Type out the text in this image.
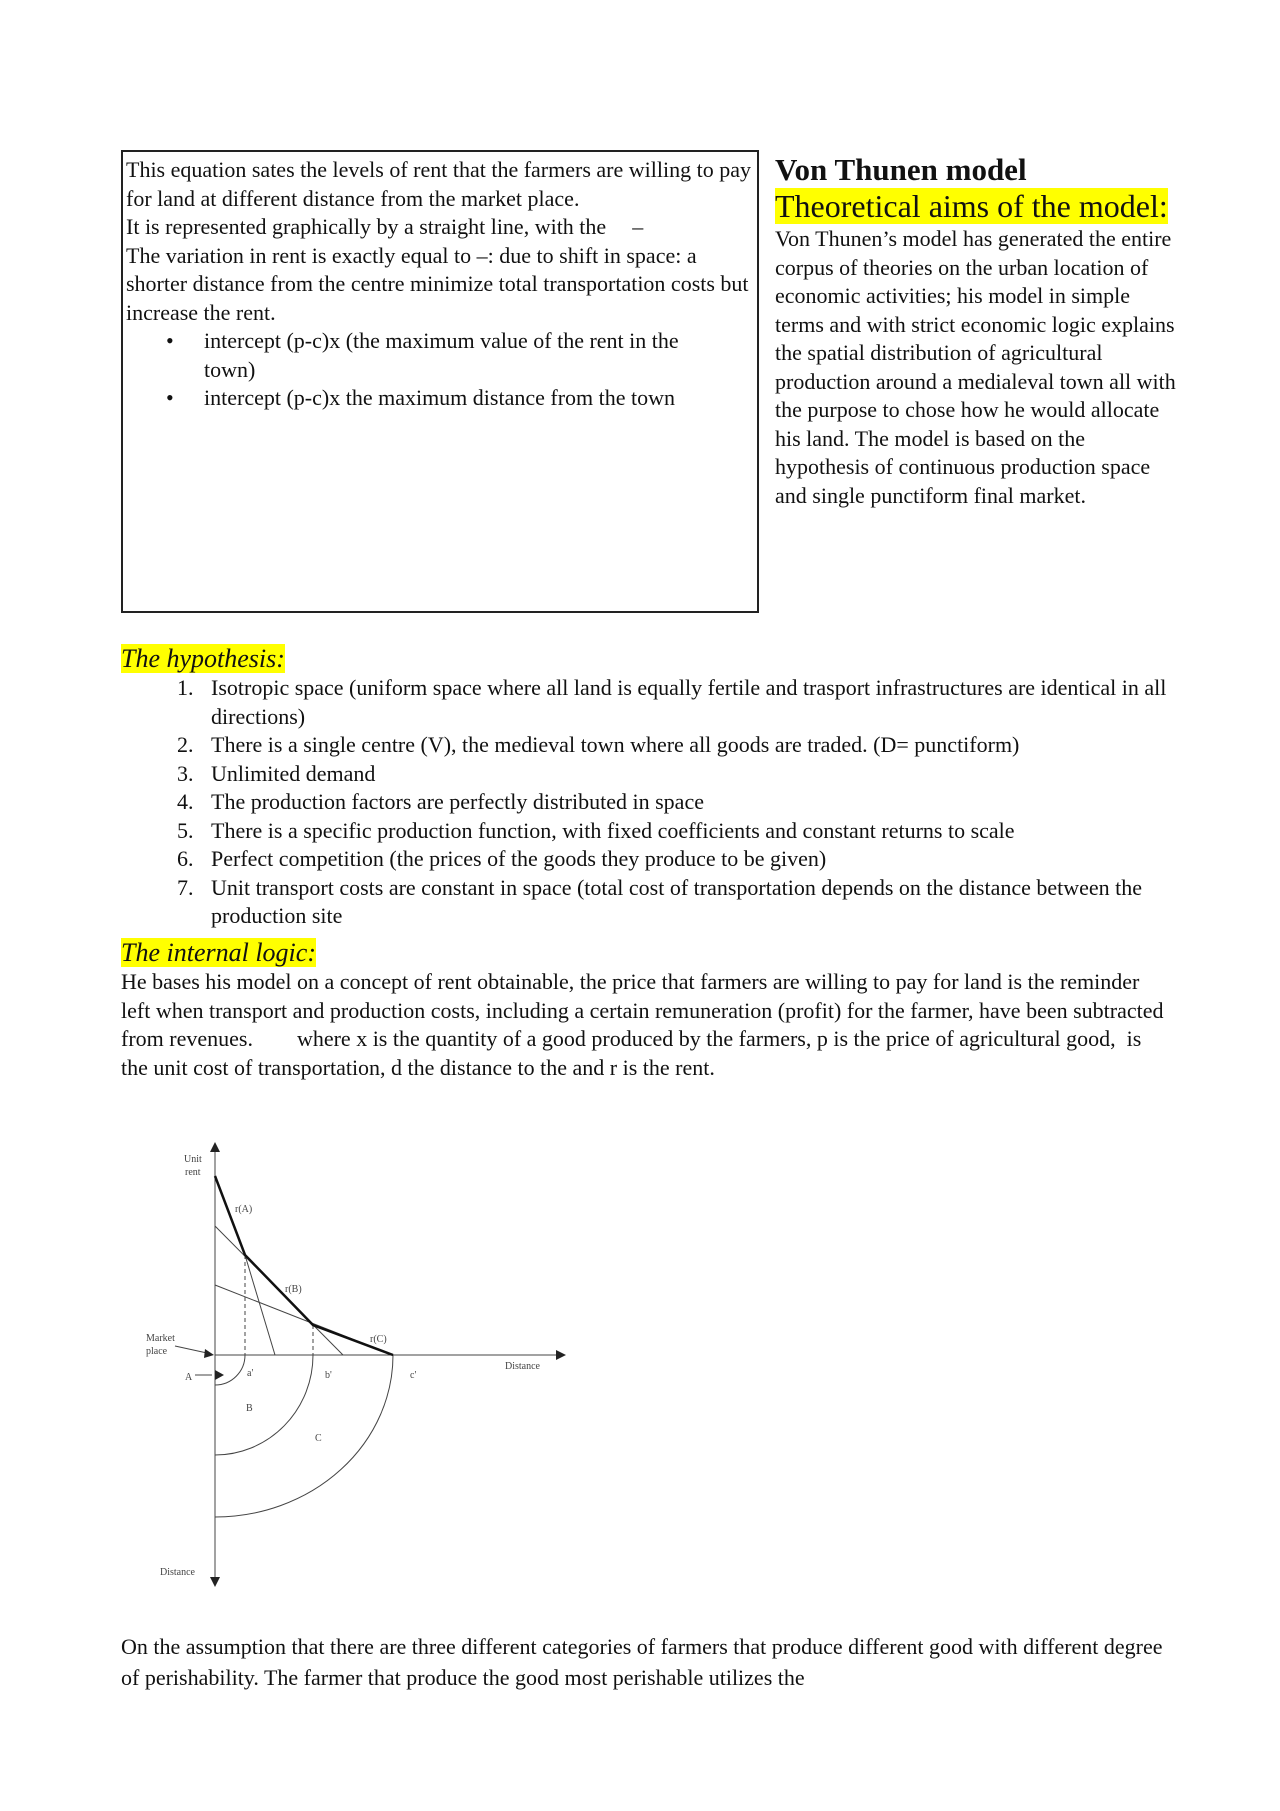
This equation sates the levels of rent that the farmers are willing to pay for land at different distance from the market place.

It is represented graphically by a straight line, with the –

The variation in rent is exactly equal to –: due to shift in space: a shorter distance from the centre minimize total transportation costs but increase the rent.

•	intercept (p-c)x (the maximum value of the rent in the town)
•	intercept (p-c)x the maximum distance from the town
Von Thunen model
Theoretical aims of the model:
Von Thunen’s model has generated the entire corpus of theories on the urban location of economic activities; his model in simple terms and with strict economic logic explains the spatial distribution of agricultural production around a medialeval town all with the purpose to chose how he would allocate his land. The model is based on the hypothesis of continuous production space and single punctiform final market.
The hypothesis:
1. Isotropic space (uniform space where all land is equally fertile and trasport infrastructures are identical in all directions)
2. There is a single centre (V), the medieval town where all goods are traded. (D= punctiform)
3. Unlimited demand
4. The production factors are perfectly distributed in space
5. There is a specific production function, with fixed coefficients and constant returns to scale
6. Perfect competition (the prices of the goods they produce to be given)
7. Unit transport costs are constant in space (total cost of transportation depends on the distance between the production site
The internal logic:
He bases his model on a concept of rent obtainable, the price that farmers are willing to pay for land is the reminder left when transport and production costs, including a certain remuneration (profit) for the farmer, have been subtracted from revenues.        where x is the quantity of a good produced by the farmers, p is the price of agricultural good,  is the unit cost of transportation, d the distance to the and r is the rent.
Unit
rent
Distance
Distance
Market
place
r(A)
r(B)
r(C)
a'	b'	c'
A
B
C
On the assumption that there are three different categories of farmers that produce different good with different degree of perishability. The farmer that produce the good most perishable utilizes the
